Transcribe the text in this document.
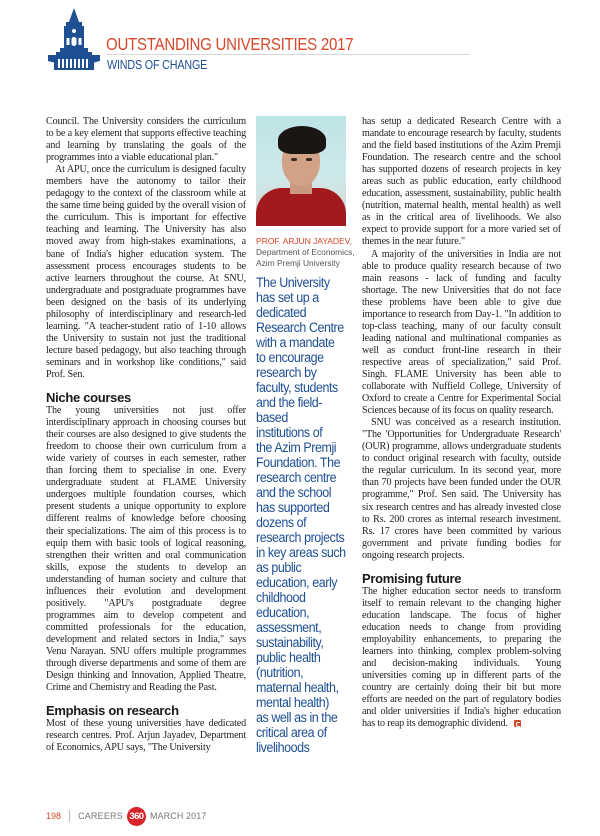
OUTSTANDING UNIVERSITIES 2017
WINDS OF CHANGE

Council. The University considers the curriculum to be a key element that supports effective teaching and learning by translating the goals of the programmes into a viable educational plan."

At APU, once the curriculum is designed faculty members have the autonomy to tailor their pedagogy to the context of the classroom while at the same time being guided by the overall vision of the curriculum. This is important for effective teaching and learning. The University has also moved away from high-stakes examinations, a bane of India's higher education system. The assessment process encourages students to be active learners throughout the course. At SNU, undergraduate and postgraduate programmes have been designed on the basis of its underlying philosophy of interdisciplinary and research-led learning. "A teacher-student ratio of 1-10 allows the University to sustain not just the traditional lecture based pedagogy, but also teaching through seminars and in workshop like conditions," said Prof. Sen.

Niche courses

The young universities not just offer interdisciplinary approach in choosing courses but their courses are also designed to give students the freedom to choose their own curriculum from a wide variety of courses in each semester, rather than forcing them to specialise in one. Every undergraduate student at FLAME University undergoes multiple foundation courses, which present students a unique opportunity to explore different realms of knowledge before choosing their specializations. The aim of this process is to equip them with basic tools of logical reasoning, strengthen their written and oral communication skills, expose the students to develop an understanding of human society and culture that influences their evolution and development positively. "APU's postgraduate degree programmes aim to develop competent and committed professionals for the education, development and related sectors in India," says Venu Narayan. SNU offers multiple programmes through diverse departments and some of them are Design thinking and Innovation, Applied Theatre, Crime and Chemistry and Reading the Past.

Emphasis on research

Most of these young universities have dedicated research centres. Prof. Arjun Jayadev, Department of Economics, APU says, "The University

PROF. ARJUN JAYADEV,
Department of Economics,
Azim Premji University
The University
has set up a
dedicated
Research Centre
with a mandate
to encourage
research by
faculty, students
and the field-
based
institutions of
the Azim Premji
Foundation. The
research centre
and the school
has supported
dozens of
research projects
in key areas such
as public
education, early
childhood
education,
assessment,
sustainability,
public health
(nutrition,
maternal health,
mental health)
as well as in the
critical area of
livelihoods

has setup a dedicated Research Centre with a mandate to encourage research by faculty, students and the field based institutions of the Azim Premji Foundation. The research centre and the school has supported dozens of research projects in key areas such as public education, early childhood education, assessment, sustainability, public health (nutrition, maternal health, mental health) as well as in the critical area of livelihoods. We also expect to provide support for a more varied set of themes in the near future."

A majority of the universities in India are not able to produce quality research because of two main reasons - lack of funding and faculty shortage. The new Universities that do not face these problems have been able to give due importance to research from Day-1. "In addition to top-class teaching, many of our faculty consult leading national and multinational companies as well as conduct front-line research in their respective areas of specialization," said Prof. Singh. FLAME University has been able to collaborate with Nuffield College, University of Oxford to create a Centre for Experimental Social Sciences because of its focus on quality research.

SNU was conceived as a research institution. "The 'Opportunities for Undergraduate Research' (OUR) programme, allows undergraduate students to conduct original research with faculty, outside the regular curriculum. In its second year, more than 70 projects have been funded under the OUR programme," Prof. Sen said. The University has six research centres and has already invested close to Rs. 200 crores as internal research investment. Rs. 17 crores have been committed by various government and private funding bodies for ongoing research projects.

Promising future

The higher education sector needs to transform itself to remain relevant to the changing higher education landscape. The focus of higher education needs to change from providing employability enhancements, to preparing the learners into thinking, complex problem-solving and decision-making individuals. Young universities coming up in different parts of the country are certainly doing their bit but more efforts are needed on the part of regulatory bodies and older universities if India's higher education has to reap its demographic dividend.

198 CAREERS 360 MARCH 2017
